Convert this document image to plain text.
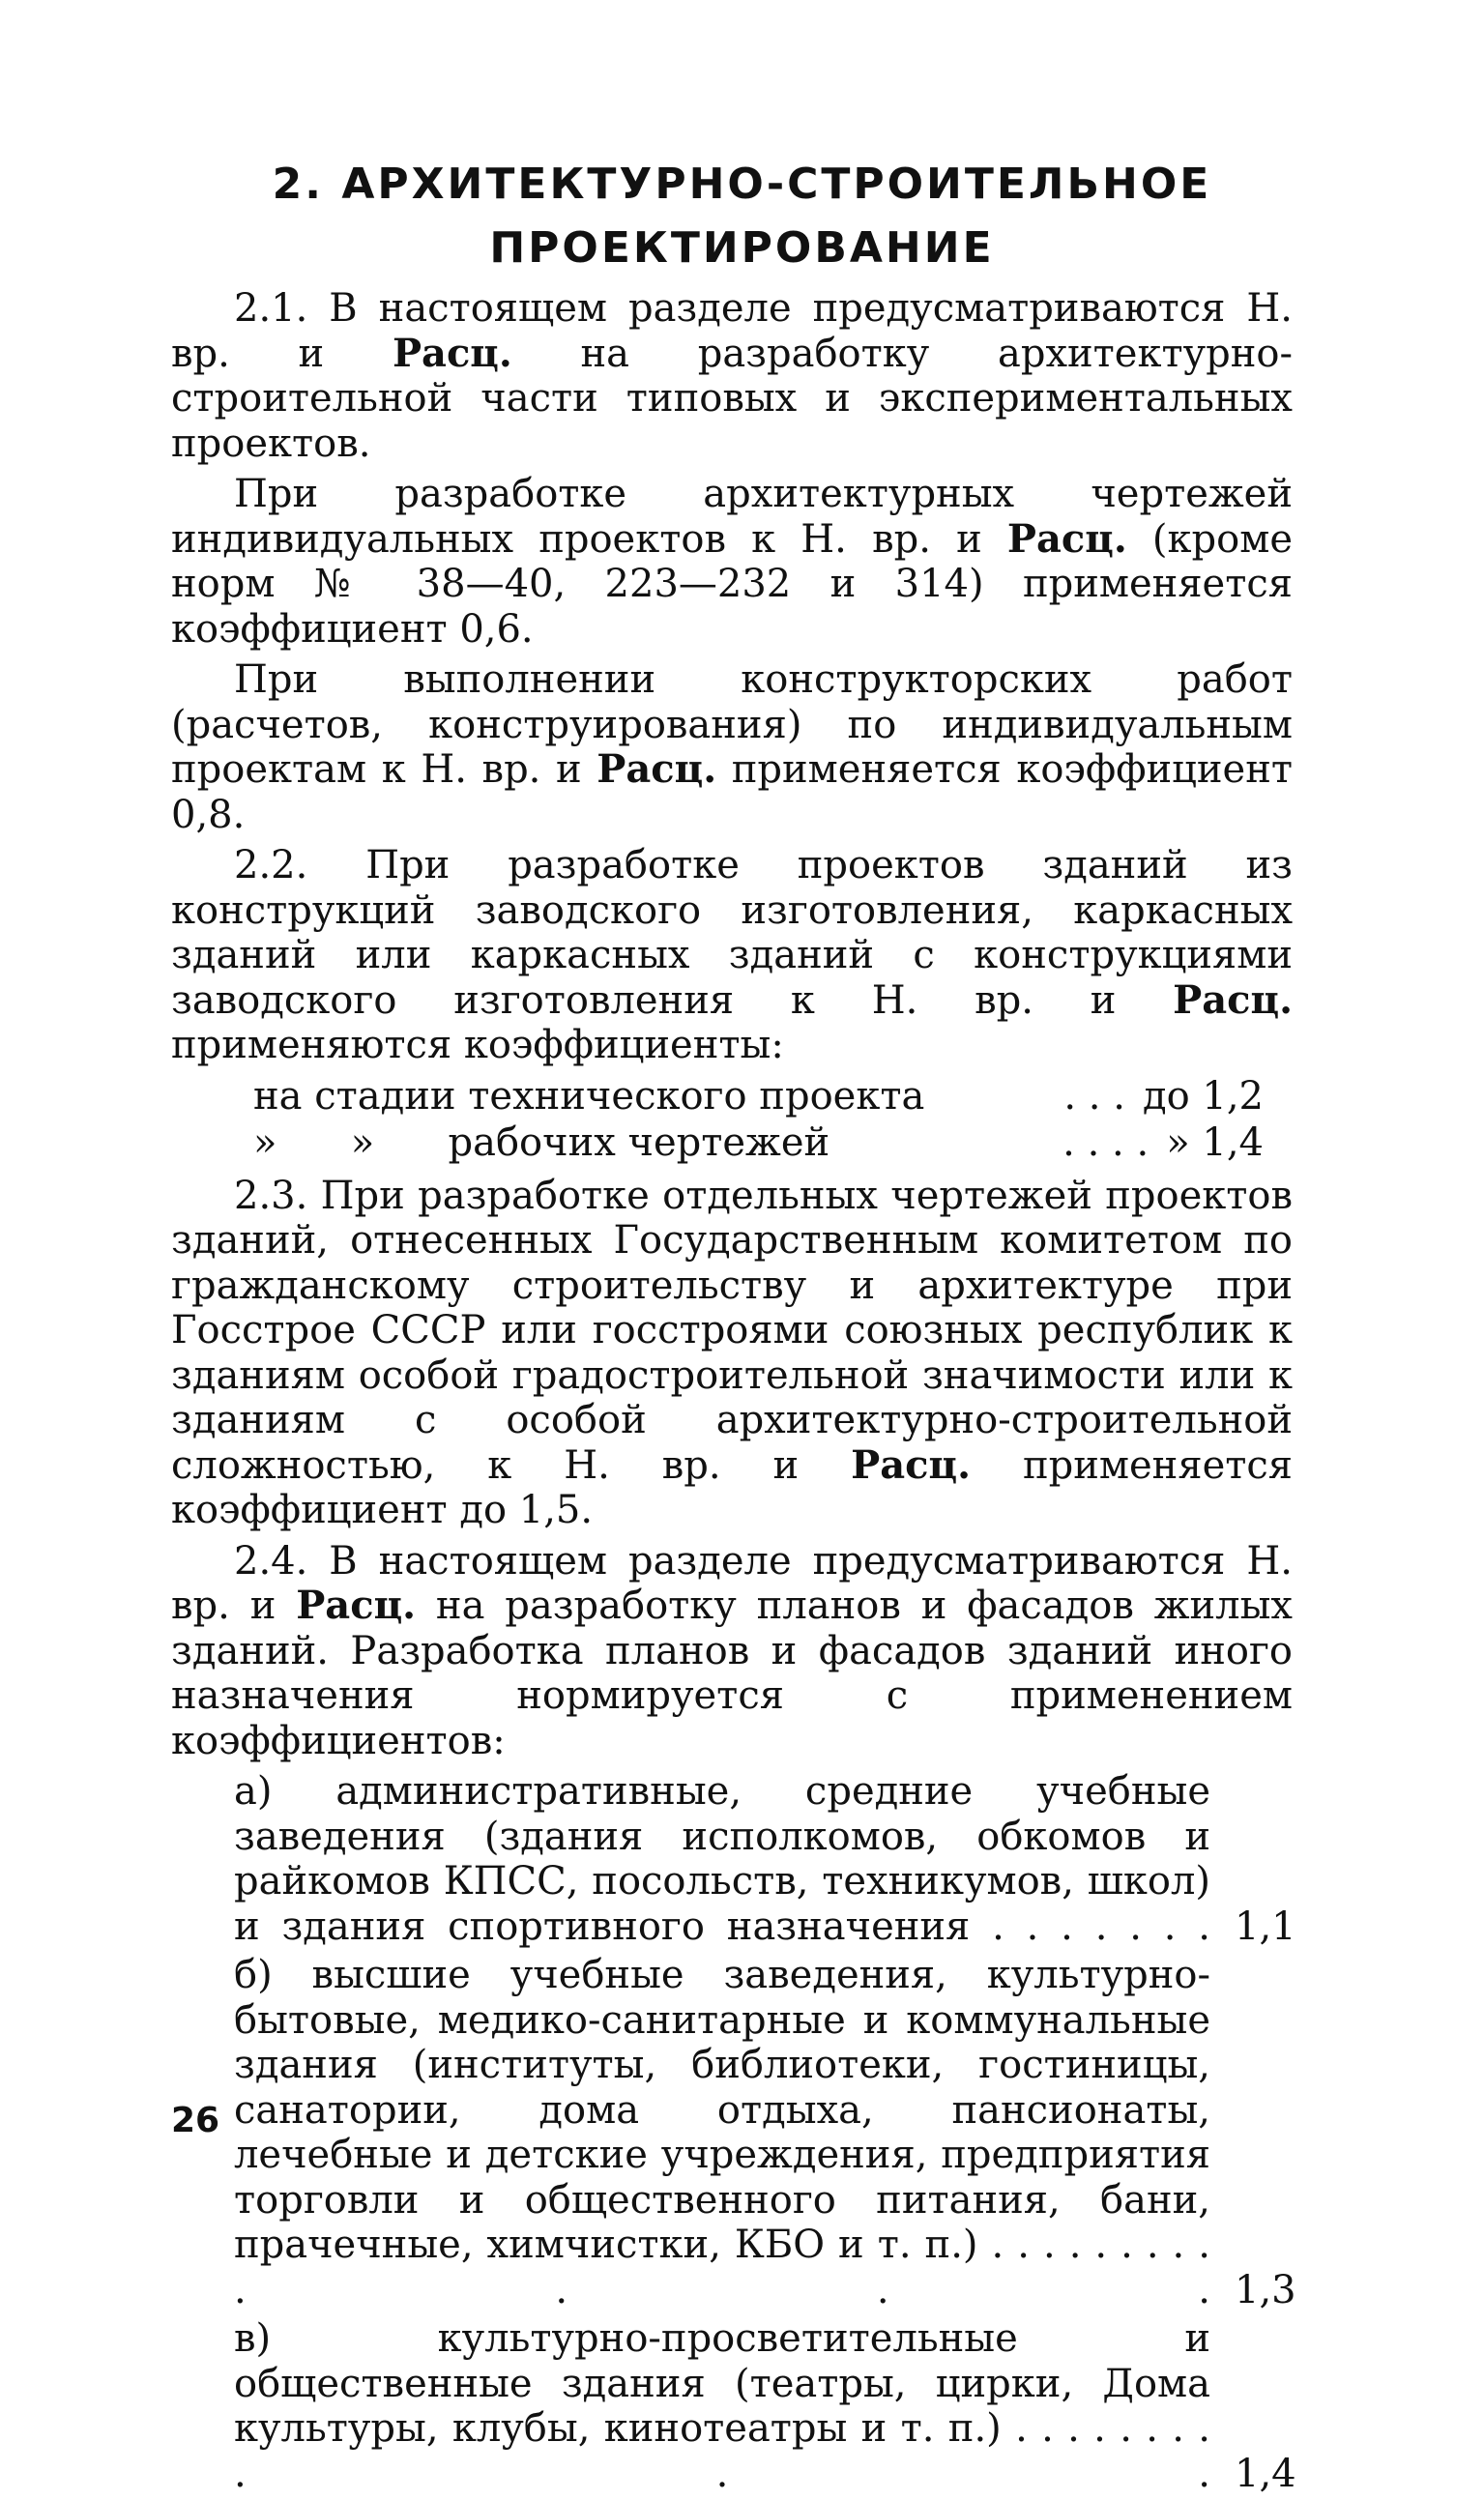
2. АРХИТЕКТУРНО-СТРОИТЕЛЬНОЕ
ПРОЕКТИРОВАНИЕ

2.1. В настоящем разделе предусматриваются Н. вр. и Расц. на разработку архитектурно-строительной части типовых и экспериментальных проектов.

При разработке архитектурных чертежей индивидуальных проектов к Н. вр. и Расц. (кроме норм № 38—40, 223—232 и 314) применяется коэффициент 0,6.

При выполнении конструкторских работ (расчетов, конструирования) по индивидуальным проектам к Н. вр. и Расц. применяется коэффициент 0,8.

2.2. При разработке проектов зданий из конструкций заводского изготовления, каркасных зданий или каркасных зданий с конструкциями заводского изготовления к Н. вр. и Расц. применяются коэффициенты:

на стадии технического проекта	. . . до 1,2
»      »      рабочих чертежей	. . . . » 1,4

2.3. При разработке отдельных чертежей проектов зданий, отнесенных Государственным комитетом по гражданскому строительству и архитектуре при Госстрое СССР или госстроями союзных республик к зданиям особой градостроительной значимости или к зданиям с особой архитектурно-строительной сложностью, к Н. вр. и Расц. применяется коэффициент до 1,5.

2.4. В настоящем разделе предусматриваются Н. вр. и Расц. на разработку планов и фасадов жилых зданий. Разработка планов и фасадов зданий иного назначения нормируется с применением коэффициентов:

а) административные, средние учебные заведения (здания исполкомов, обкомов и райкомов КПСС, посольств, техникумов, школ) и здания спортивного назначения . . . . . . . 1,1
б) высшие учебные заведения, культурно-бытовые, медико-санитарные и коммунальные здания (институты, библиотеки, гостиницы, санатории, дома отдыха, пансионаты, лечебные и детские учреждения, предприятия торговли и общественного питания, бани, прачечные, химчистки, КБО и т. п.) . . . . . . . . . . . . . 1,3
в) культурно-просветительные и общественные здания (театры, цирки, Дома культуры, клубы, кинотеатры и т. п.) . . . . . . . . . . . 1,4
26
